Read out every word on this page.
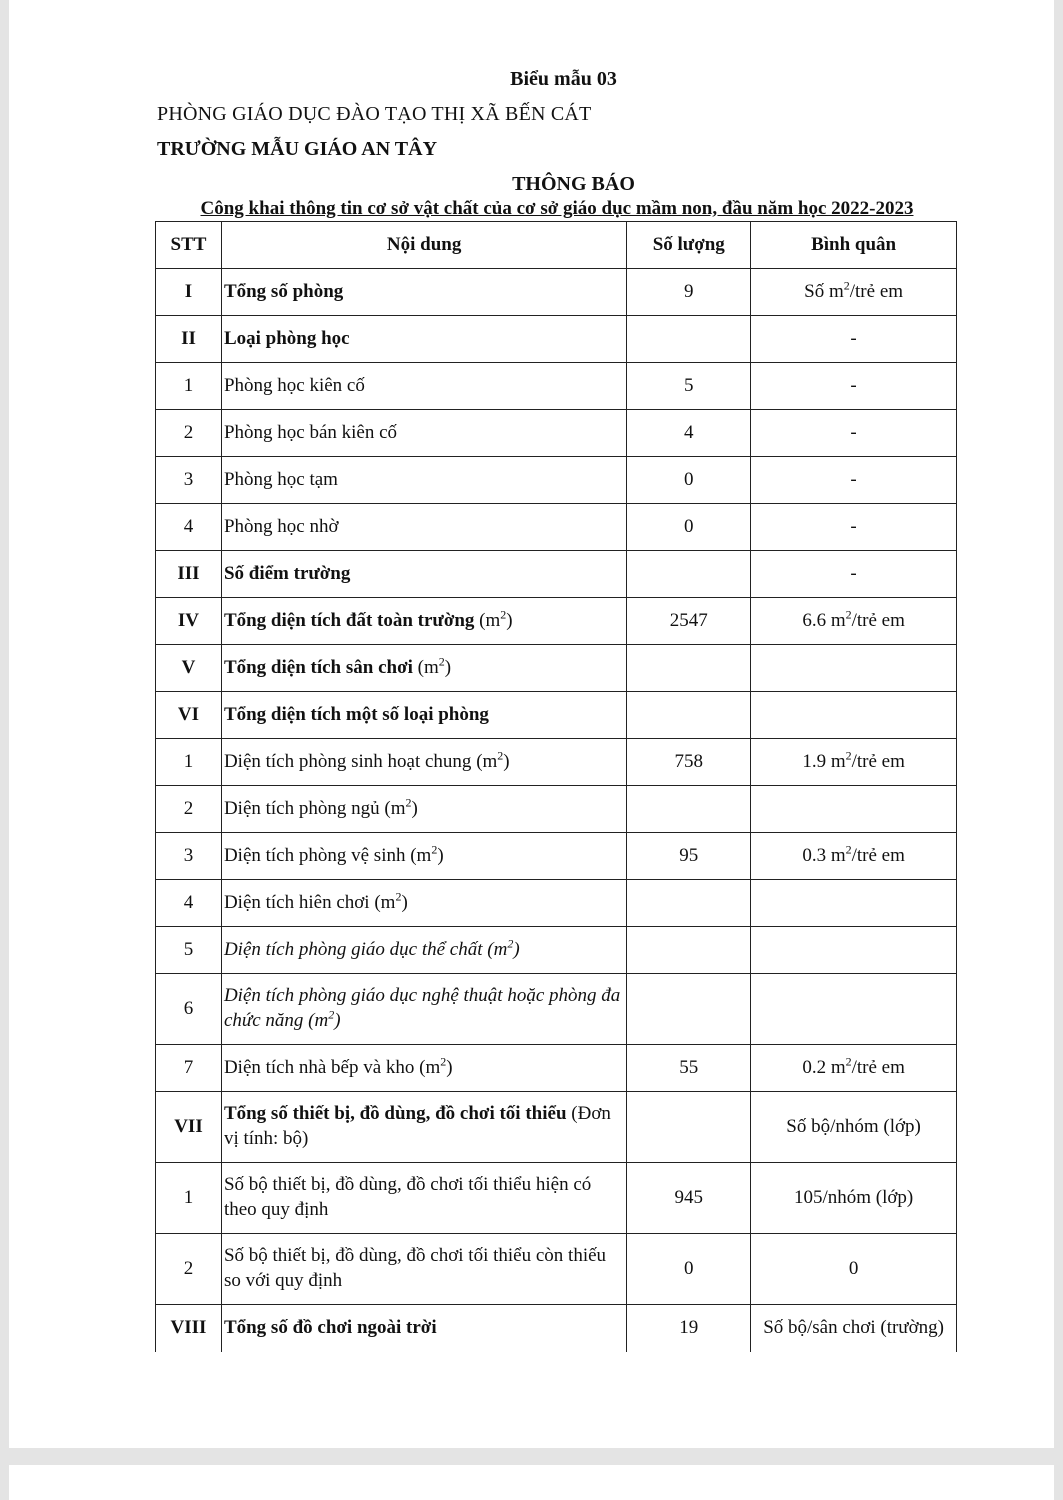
Biểu mẫu 03
PHÒNG GIÁO DỤC ĐÀO TẠO THỊ XÃ BẾN CÁT
TRƯỜNG MẪU GIÁO AN TÂY
THÔNG BÁO
Công khai thông tin cơ sở vật chất của cơ sở giáo dục mầm non, đầu năm học 2022-2023
STT	Nội dung	Số lượng	Bình quân
I	Tổng số phòng	9	Số $m^2$/trẻ em
II	Loại phòng học		-
1	Phòng học kiên cố	5	-
2	Phòng học bán kiên cố	4	-
3	Phòng học tạm	0	-
4	Phòng học nhờ	0	-
III	Số điểm trường		-
IV	Tổng diện tích đất toàn trường $(m^2)$	2547	6.6 $m^2$/trẻ em
V	Tổng diện tích sân chơi $(m^2)$		
VI	Tổng diện tích một số loại phòng		
1	Diện tích phòng sinh hoạt chung $(m^2)$	758	1.9 $m^2$/trẻ em
2	Diện tích phòng ngủ $(m^2)$		
3	Diện tích phòng vệ $\sinh (m^2)$	95	0.3 $m^2$/trẻ em
4	Diện tích hiên chơi $(m^2)$		
5	Diện tích phòng giáo dục thể chất $(m^2)$		
6	Diện tích phòng giáo dục nghệ thuật hoặc phòng đa chức năng $(m^2)$		
7	Diện tích nhà bếp và kho $(m^2)$	55	0.2 $m^2$/trẻ em
VII	Tổng số thiết bị, đồ dùng, đồ chơi tối thiểu (Đơn vị tính: bộ)		Số bộ/nhóm (lớp)
1	Số bộ thiết bị, đồ dùng, đồ chơi tối thiểu hiện có theo quy định	945	105/nhóm (lớp)
2	Số bộ thiết bị, đồ dùng, đồ chơi tối thiểu còn thiếu so với quy định	0	0
VIII	Tổng số đồ chơi ngoài trời	19	Số bộ/sân chơi (trường)
